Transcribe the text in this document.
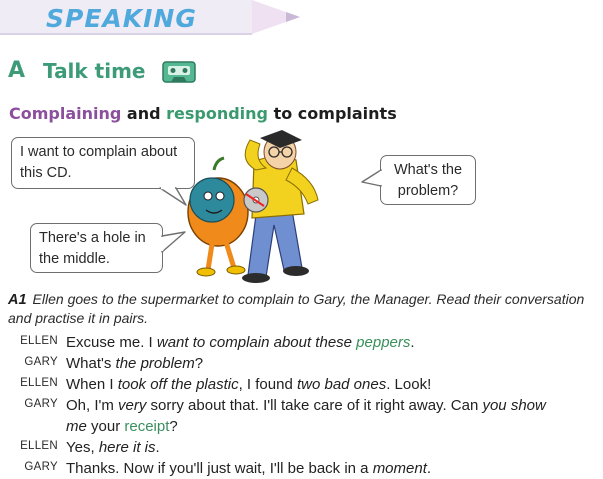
SPEAKING
A Talk time
Complaining and responding to complaints
I want to complain about
this CD.	What's the
problem?
There's a hole in
the middle.
A1 Ellen goes to the supermarket to complain to Gary, the Manager. Read their conversation and practise it in pairs.
ELLEN Excuse me. I want to complain about these peppers.
GARY What's the problem?
ELLEN When I took off the plastic, I found two bad ones. Look!
GARY Oh, I'm very sorry about that. I'll take care of it right away. Can you show
me your receipt?
ELLEN Yes, here it is.
GARY Thanks. Now if you'll just wait, I'll be back in a moment.
